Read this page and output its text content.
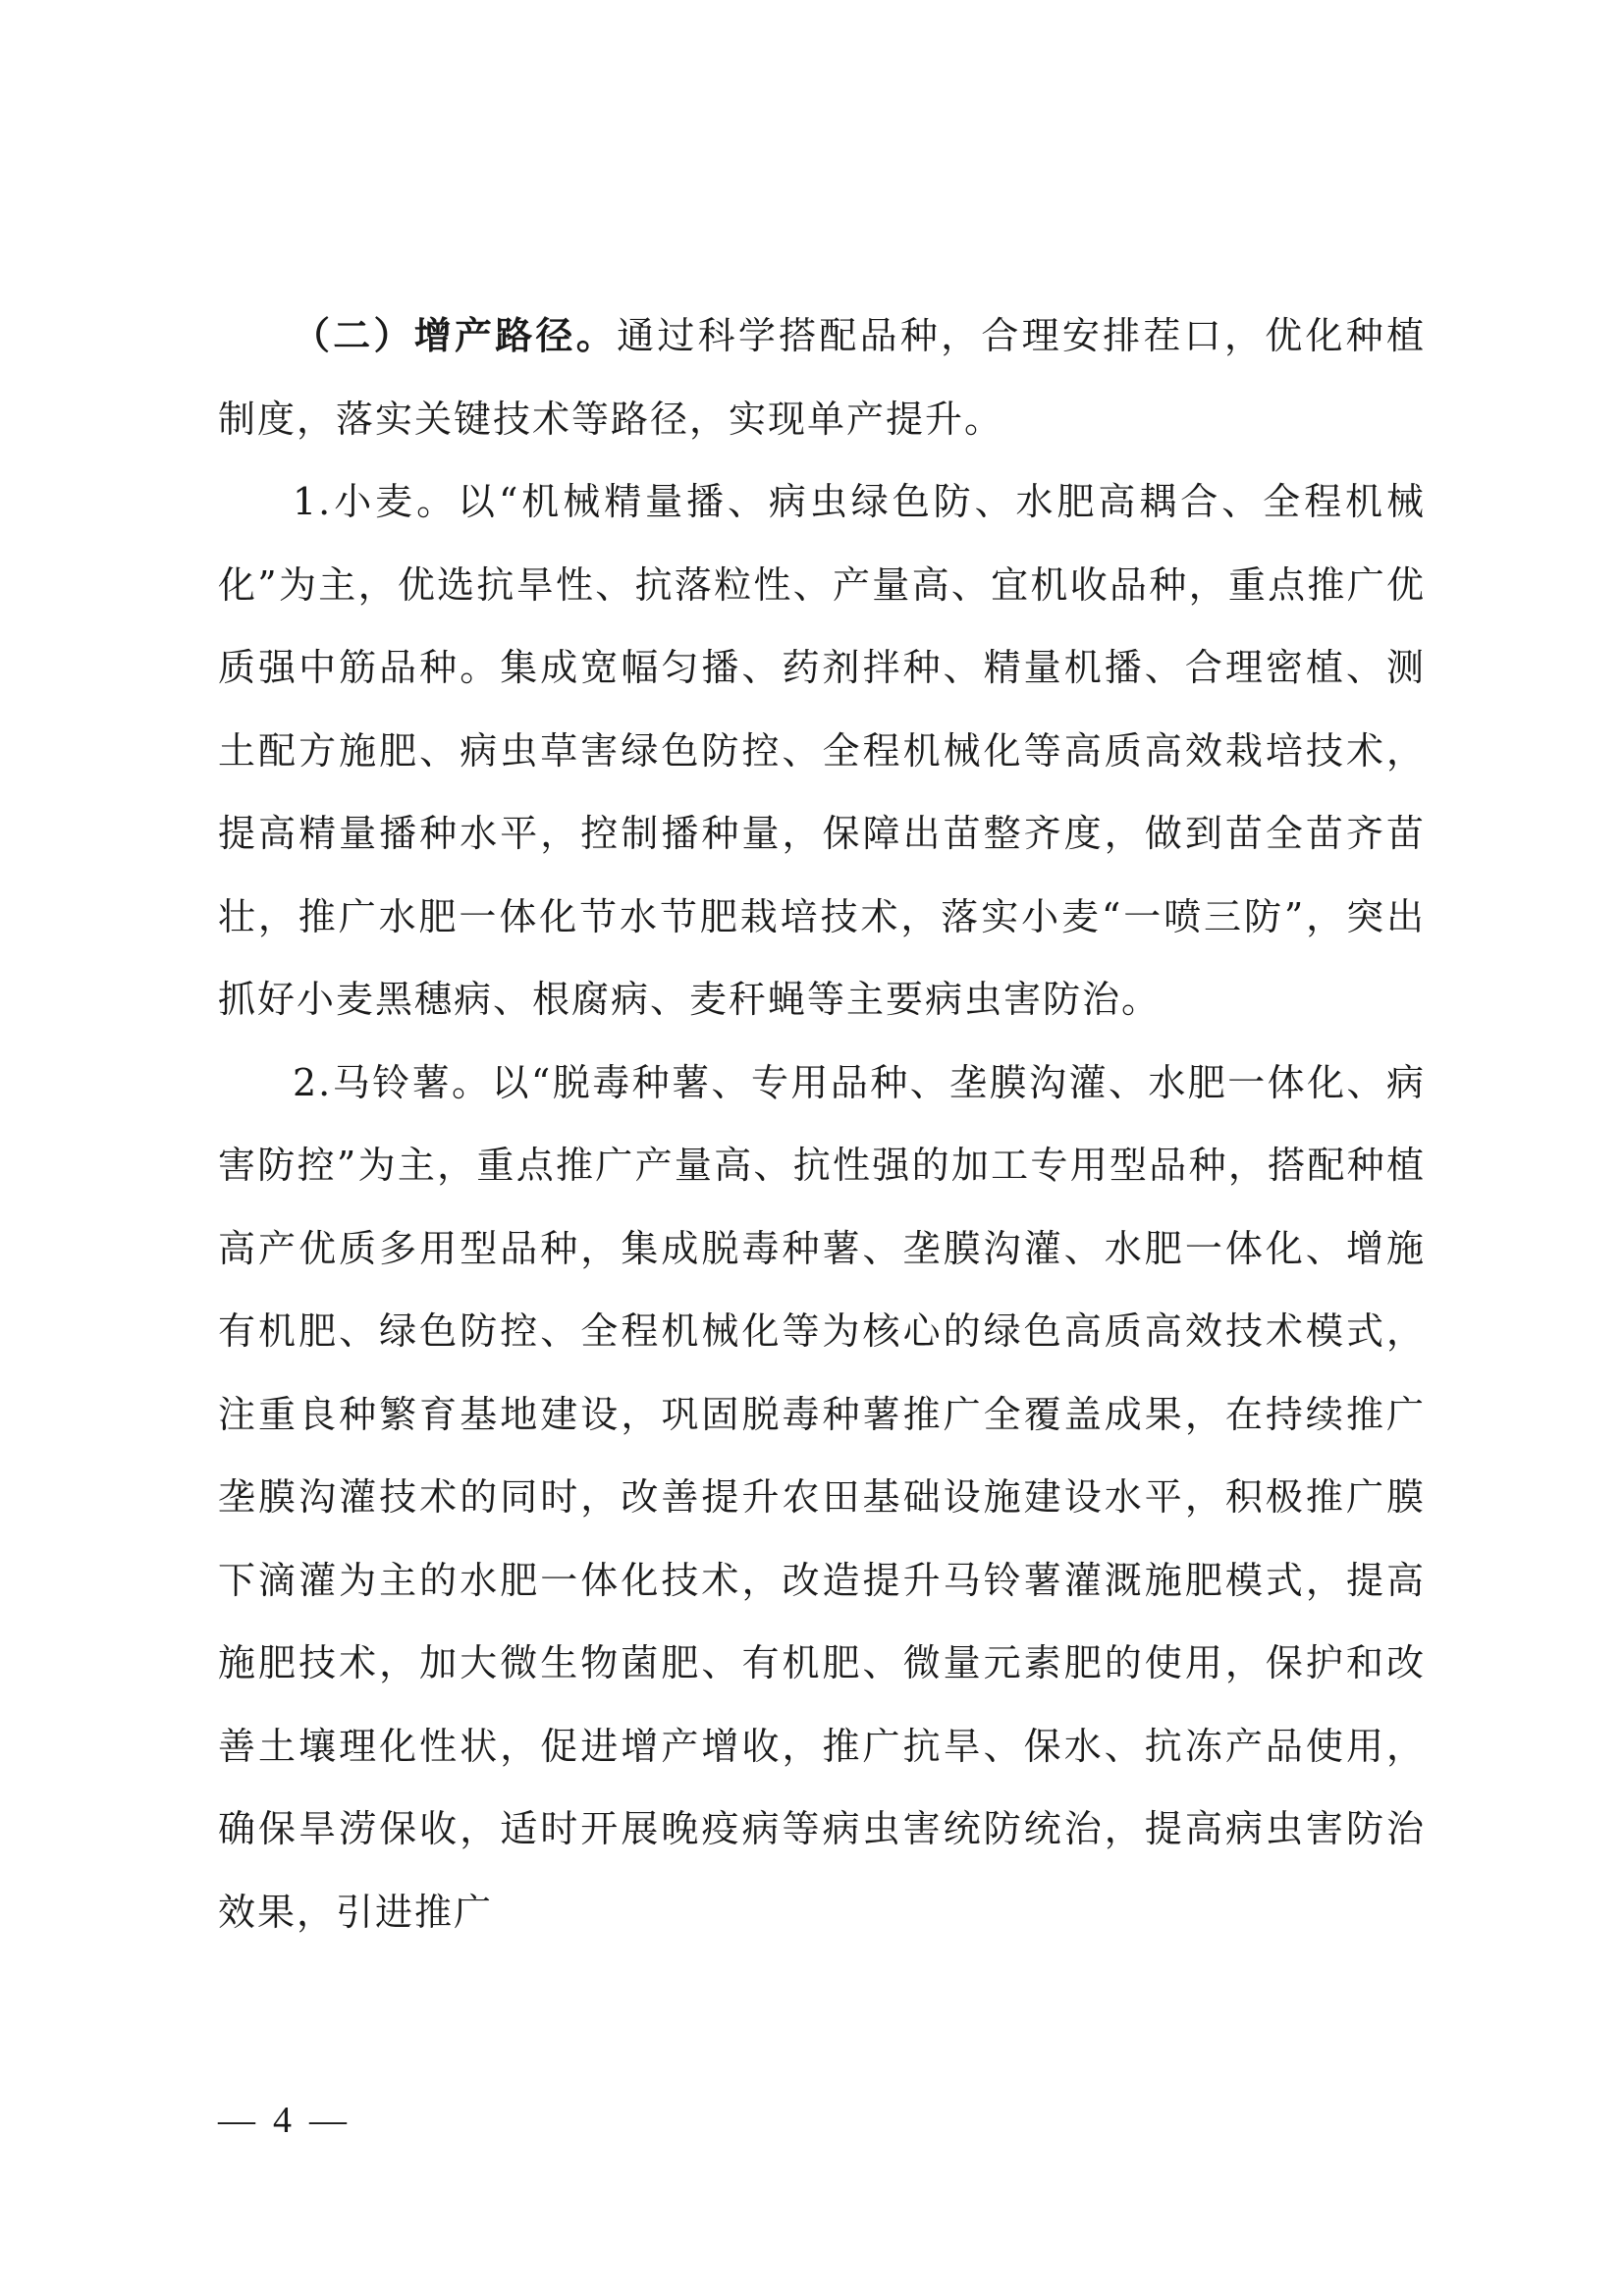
（二）增产路径。通过科学搭配品种，合理安排茬口，优化种植制度，落实关键技术等路径，实现单产提升。

1.小麦。以“机械精量播、病虫绿色防、水肥高耦合、全程机械化”为主，优选抗旱性、抗落粒性、产量高、宜机收品种，重点推广优质强中筋品种。集成宽幅匀播、药剂拌种、精量机播、合理密植、测土配方施肥、病虫草害绿色防控、全程机械化等高质高效栽培技术，提高精量播种水平，控制播种量，保障出苗整齐度，做到苗全苗齐苗壮，推广水肥一体化节水节肥栽培技术，落实小麦“一喷三防”，突出抓好小麦黑穗病、根腐病、麦秆蝇等主要病虫害防治。

2.马铃薯。以“脱毒种薯、专用品种、垄膜沟灌、水肥一体化、病害防控”为主，重点推广产量高、抗性强的加工专用型品种，搭配种植高产优质多用型品种，集成脱毒种薯、垄膜沟灌、水肥一体化、增施有机肥、绿色防控、全程机械化等为核心的绿色高质高效技术模式，注重良种繁育基地建设，巩固脱毒种薯推广全覆盖成果，在持续推广垄膜沟灌技术的同时，改善提升农田基础设施建设水平，积极推广膜下滴灌为主的水肥一体化技术，改造提升马铃薯灌溉施肥模式，提高施肥技术，加大微生物菌肥、有机肥、微量元素肥的使用，保护和改善土壤理化性状，促进增产增收，推广抗旱、保水、抗冻产品使用，确保旱涝保收，适时开展晚疫病等病虫害统防统治，提高病虫害防治效果，引进推广

— 4 —
